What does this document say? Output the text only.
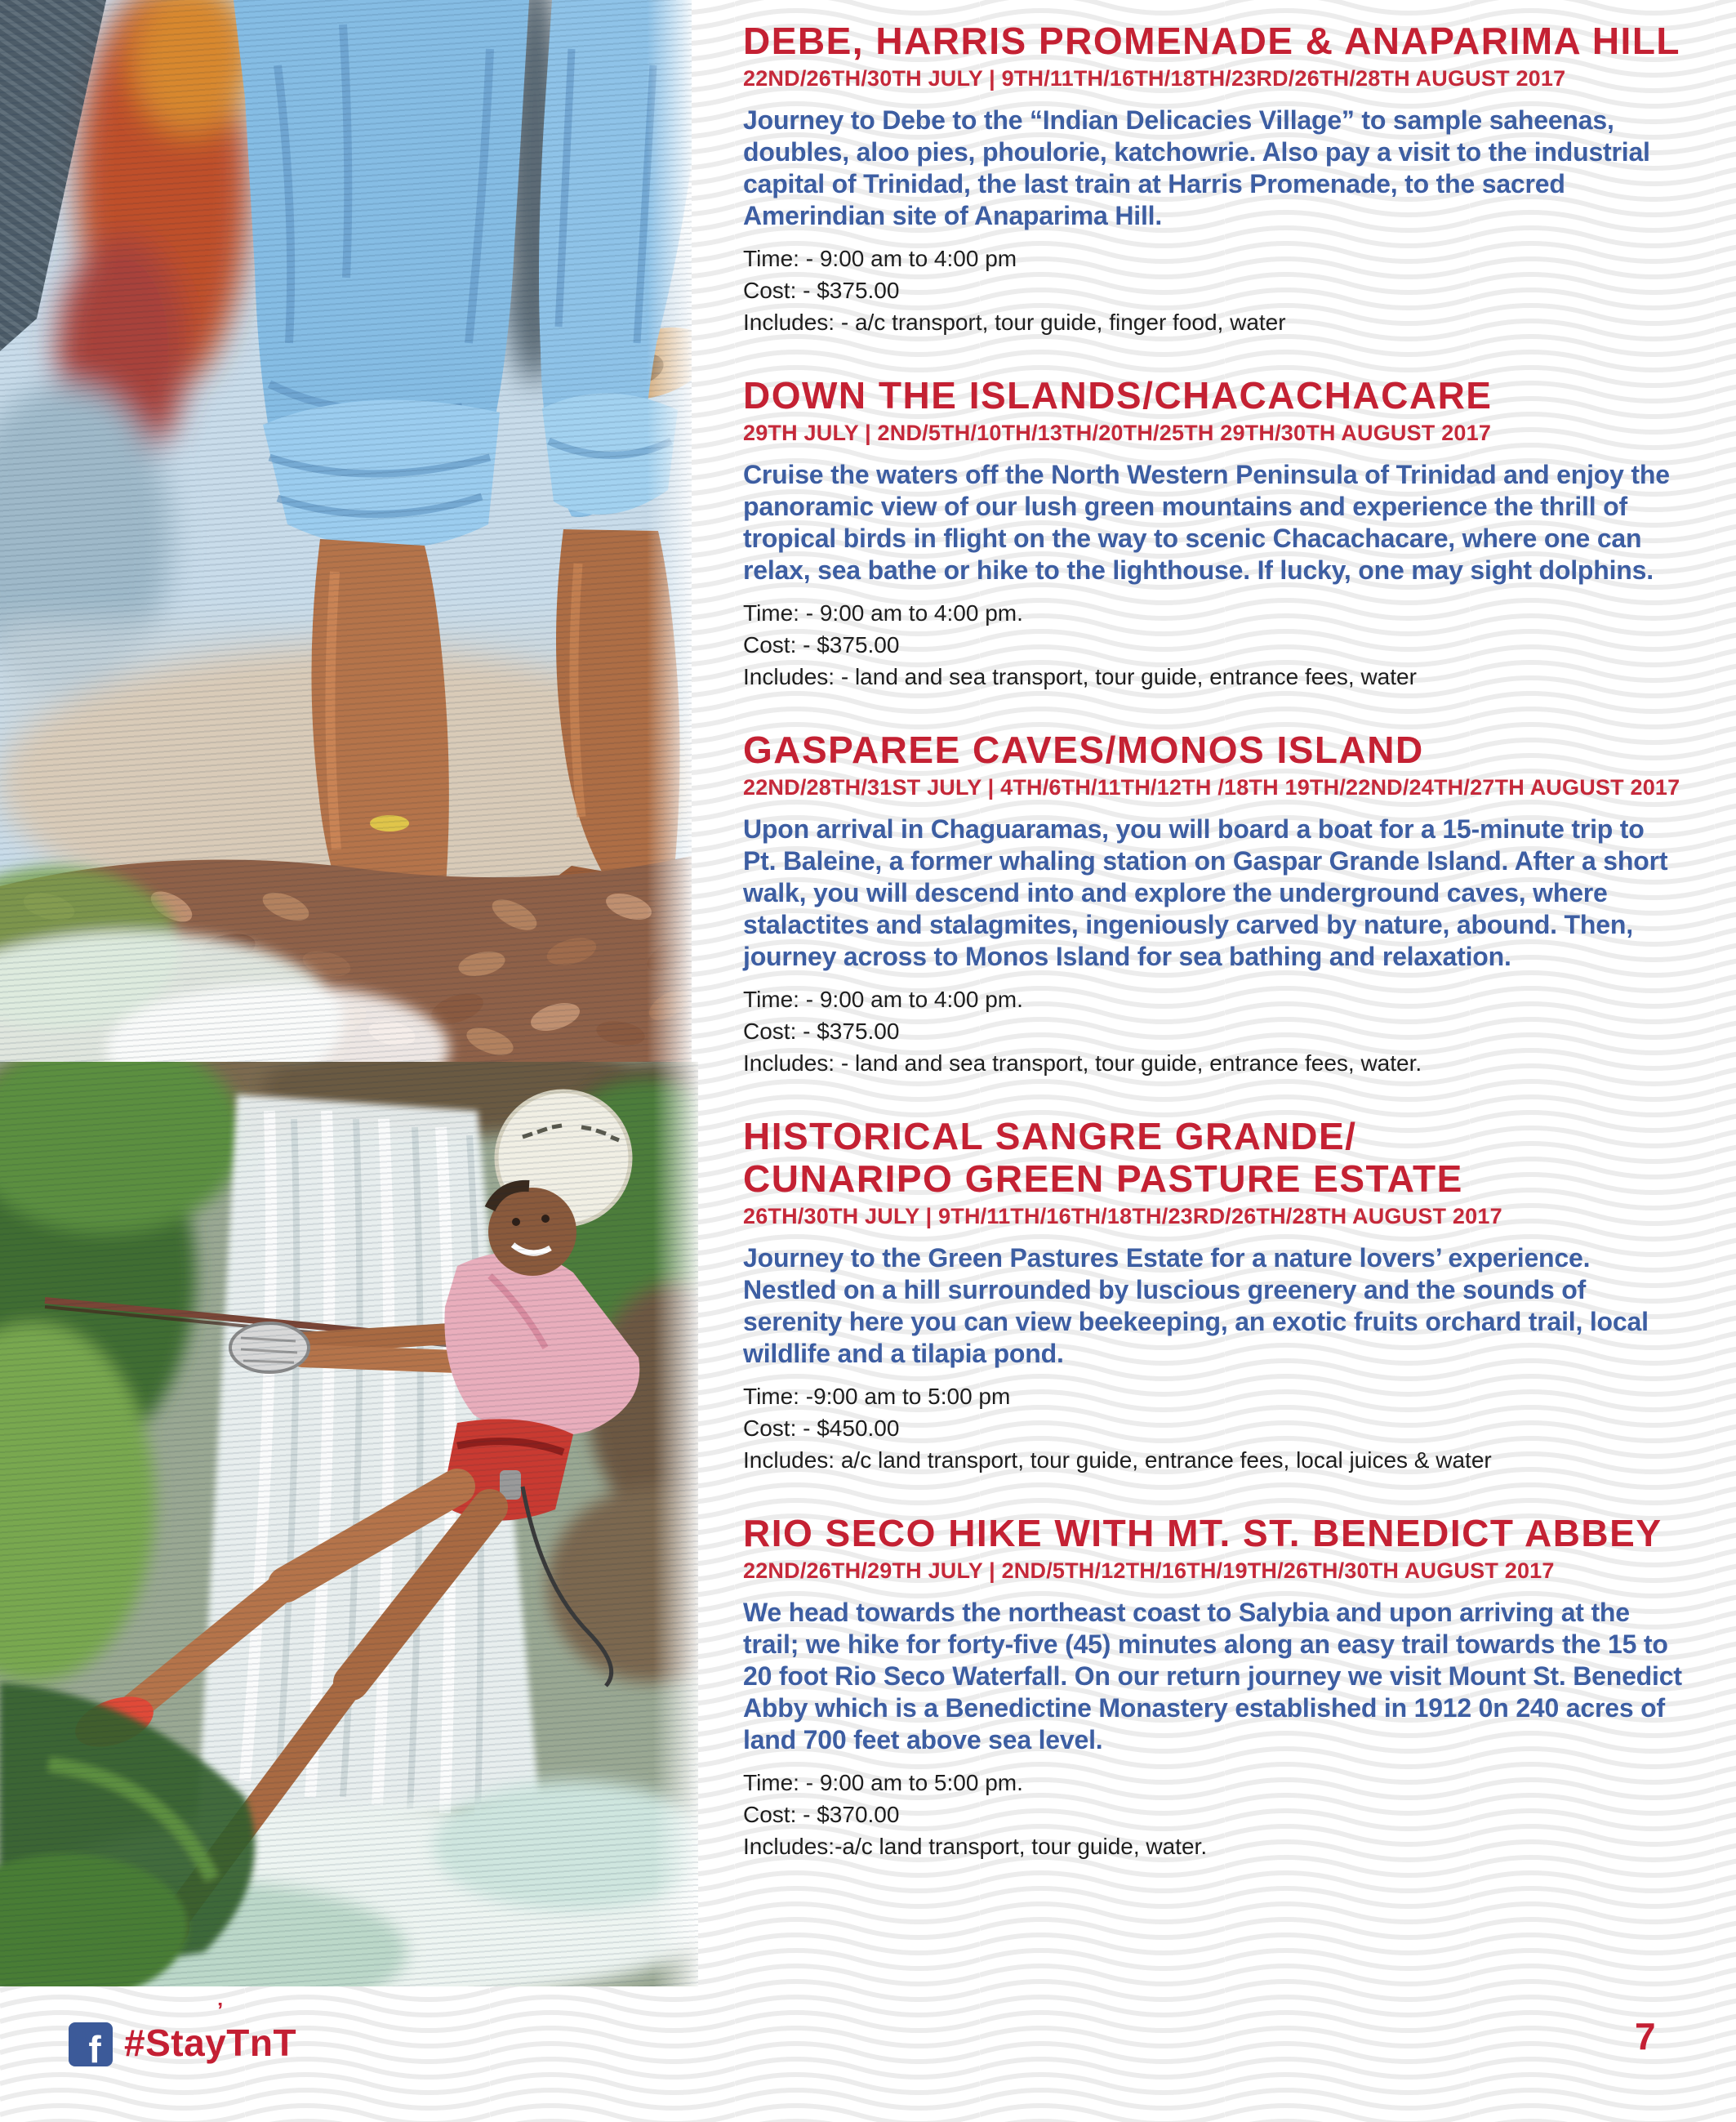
DEBE, HARRIS PROMENADE & ANAPARIMA HILL
22ND/26TH/30TH JULY | 9TH/11TH/16TH/18TH/23RD/26TH/28TH AUGUST 2017
Journey to Debe to the “Indian Delicacies Village” to sample saheenas, doubles, aloo pies, phoulorie, katchowrie. Also pay a visit to the industrial capital of Trinidad, the last train at Harris Promenade, to the sacred Amerindian site of Anaparima Hill.
Time: - 9:00 am to 4:00 pm
Cost: - $375.00
Includes: - a/c transport, tour guide, finger food, water
DOWN THE ISLANDS/CHACACHACARE
29TH JULY | 2ND/5TH/10TH/13TH/20TH/25TH 29TH/30TH AUGUST 2017
Cruise the waters off the North Western Peninsula of Trinidad and enjoy the panoramic view of our lush green mountains and experience the thrill of tropical birds in flight on the way to scenic Chacachacare, where one can relax, sea bathe or hike to the lighthouse. If lucky, one may sight dolphins.
Time: - 9:00 am to 4:00 pm.
Cost: - $375.00
Includes: - land and sea transport, tour guide, entrance fees, water
GASPAREE CAVES/MONOS ISLAND
22ND/28TH/31ST JULY | 4TH/6TH/11TH/12TH /18TH 19TH/22ND/24TH/27TH AUGUST 2017
Upon arrival in Chaguaramas, you will board a boat for a 15-minute trip to Pt. Baleine, a former whaling station on Gaspar Grande Island. After a short walk, you will descend into and explore the underground caves, where stalactites and stalagmites, ingeniously carved by nature, abound. Then, journey across to Monos Island for sea bathing and relaxation.
Time: - 9:00 am to 4:00 pm.
Cost: - $375.00
Includes: - land and sea transport, tour guide, entrance fees, water.
HISTORICAL SANGRE GRANDE/
CUNARIPO GREEN PASTURE ESTATE
26TH/30TH JULY | 9TH/11TH/16TH/18TH/23RD/26TH/28TH AUGUST 2017
Journey to the Green Pastures Estate for a nature lovers’ experience. Nestled on a hill surrounded by luscious greenery and the sounds of serenity here you can view beekeeping, an exotic fruits orchard trail, local wildlife and a tilapia pond.
Time: -9:00 am to 5:00 pm
Cost: - $450.00
Includes: a/c land transport, tour guide, entrance fees, local juices & water
RIO SECO HIKE WITH MT. ST. BENEDICT ABBEY
22ND/26TH/29TH JULY | 2ND/5TH/12TH/16TH/19TH/26TH/30TH AUGUST 2017
We head towards the northeast coast to Salybia and upon arriving at the trail; we hike for forty-five (45) minutes along an easy trail towards the 15 to 20 foot Rio Seco Waterfall. On our return journey we visit Mount St. Benedict Abby which is a Benedictine Monastery established in 1912 0n 240 acres of land 700 feet above sea level.
Time: - 9:00 am to 5:00 pm.
Cost: - $370.00
Includes:-a/c land transport, tour guide, water.
f #StayTnT
’
7
